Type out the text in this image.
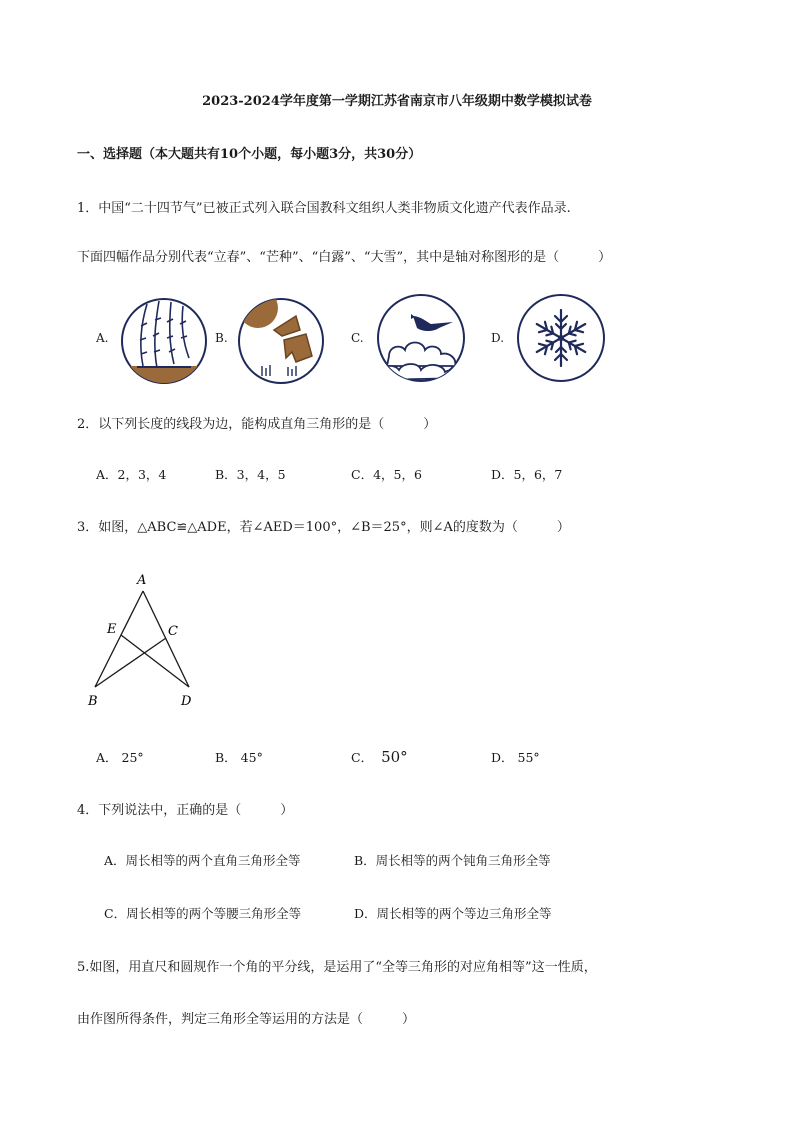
2023-2024学年度第一学期江苏省南京市八年级期中数学模拟试卷
一、选择题（本大题共有10个小题，每小题3分，共30分）
1．中国“二十四节气”已被正式列入联合国教科文组织人类非物质文化遗产代表作品录.
下面四幅作品分别代表“立春”、“芒种”、“白露”、“大雪”，其中是轴对称图形的是（　　　）
A.	B.	C.	D.
2．以下列长度的线段为边，能构成直角三角形的是（　　　）
A．2，3，4	B．3，4，5	C．4，5，6	D．5，6，7
3．如图，△ABC≌△ADE，若∠AED＝100°，∠B＝25°，则∠A的度数为（　　　）
A
E	C
B	D
A． 25°	B． 45°	C． 50°	D． 55°
4．下列说法中，正确的是（　　　）
A．周长相等的两个直角三角形全等	B．周长相等的两个钝角三角形全等
C．周长相等的两个等腰三角形全等	D．周长相等的两个等边三角形全等
5.如图，用直尺和圆规作一个角的平分线，是运用了“全等三角形的对应角相等”这一性质，
由作图所得条件，判定三角形全等运用的方法是（　　　）
